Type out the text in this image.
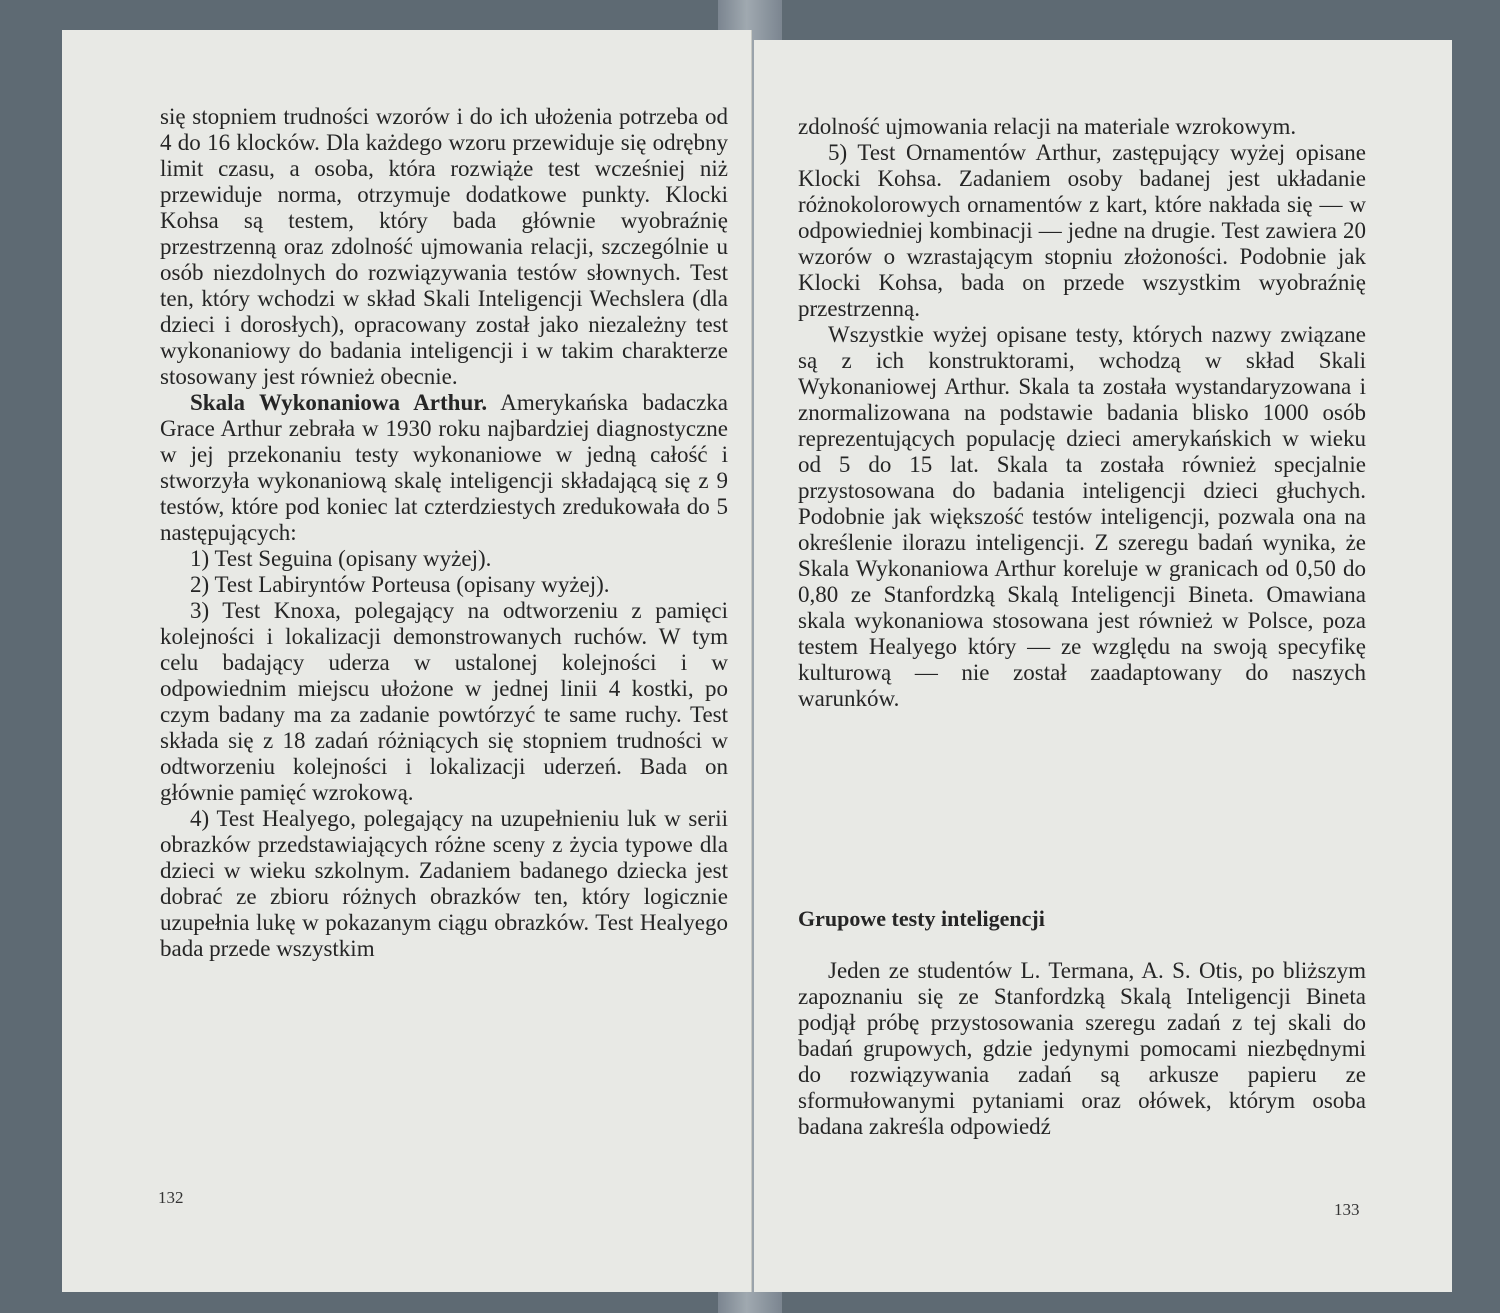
się stopniem trudności wzorów i do ich ułożenia potrzeba od 4 do 16 klocków. Dla każdego wzoru przewiduje się odrębny limit czasu, a osoba, która rozwiąże test wcześniej niż przewiduje norma, otrzymuje dodatkowe punkty. Klocki Kohsa są testem, który bada głównie wyobraźnię przestrzenną oraz zdolność ujmowania relacji, szczególnie u osób niezdolnych do rozwiązywania testów słownych. Test ten, który wchodzi w skład Skali Inteligencji Wechslera (dla dzieci i dorosłych), opracowany został jako niezależny test wykonaniowy do badania inteligencji i w takim charakterze stosowany jest również obecnie.

Skala Wykonaniowa Arthur. Amerykańska badaczka Grace Arthur zebrała w 1930 roku najbardziej diagnostyczne w jej przekonaniu testy wykonaniowe w jedną całość i stworzyła wykonaniową skalę inteligencji składającą się z 9 testów, które pod koniec lat czterdziestych zredukowała do 5 następujących:

1) Test Seguina (opisany wyżej).

2) Test Labiryntów Porteusa (opisany wyżej).

3) Test Knoxa, polegający na odtworzeniu z pamięci kolejności i lokalizacji demonstrowanych ruchów. W tym celu badający uderza w ustalonej kolejności i w odpowiednim miejscu ułożone w jednej linii 4 kostki, po czym badany ma za zadanie powtórzyć te same ruchy. Test składa się z 18 zadań różniących się stopniem trudności w odtworzeniu kolejności i lokalizacji uderzeń. Bada on głównie pamięć wzrokową.

4) Test Healyego, polegający na uzupełnieniu luk w serii obrazków przedstawiających różne sceny z życia typowe dla dzieci w wieku szkolnym. Zadaniem badanego dziecka jest dobrać ze zbioru różnych obrazków ten, który logicznie uzupełnia lukę w pokazanym ciągu obrazków. Test Healyego bada przede wszystkim

132

zdolność ujmowania relacji na materiale wzrokowym.

5) Test Ornamentów Arthur, zastępujący wyżej opisane Klocki Kohsa. Zadaniem osoby badanej jest układanie różnokolorowych ornamentów z kart, które nakłada się — w odpowiedniej kombinacji — jedne na drugie. Test zawiera 20 wzorów o wzrastającym stopniu złożoności. Podobnie jak Klocki Kohsa, bada on przede wszystkim wyobraźnię przestrzenną.

Wszystkie wyżej opisane testy, których nazwy związane są z ich konstruktorami, wchodzą w skład Skali Wykonaniowej Arthur. Skala ta została wystandaryzowana i znormalizowana na podstawie badania blisko 1000 osób reprezentujących populację dzieci amerykańskich w wieku od 5 do 15 lat. Skala ta została również specjalnie przystosowana do badania inteligencji dzieci głuchych. Podobnie jak większość testów inteligencji, pozwala ona na określenie ilorazu inteligencji. Z szeregu badań wynika, że Skala Wykonaniowa Arthur koreluje w granicach od 0,50 do 0,80 ze Stanfordzką Skalą Inteligencji Bineta. Omawiana skala wykonaniowa stosowana jest również w Polsce, poza testem Healyego który — ze względu na swoją specyfikę kulturową — nie został zaadaptowany do naszych warunków.

Grupowe testy inteligencji

Jeden ze studentów L. Termana, A. S. Otis, po bliższym zapoznaniu się ze Stanfordzką Skalą Inteligencji Bineta podjął próbę przystosowania szeregu zadań z tej skali do badań grupowych, gdzie jedynymi pomocami niezbędnymi do rozwiązywania zadań są arkusze papieru ze sformułowanymi pytaniami oraz ołówek, którym osoba badana zakreśla odpowiedź

133
